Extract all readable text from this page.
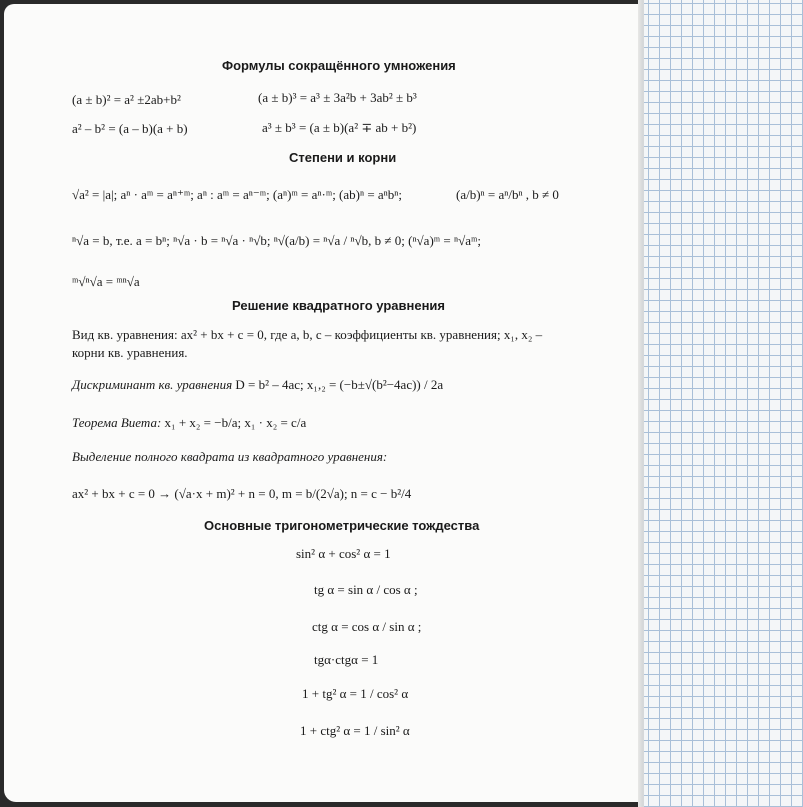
Формулы сокращённого умножения
(a ± b)² = a² ±2ab+b²	(a ± b)³ = a³ ± 3a²b + 3ab² ± b³
a² – b² = (a – b)(a + b)	a³ ± b³ = (a ± b)(a² ∓ ab + b²)
Степени и корни
√a² = |a|; aⁿ · aᵐ = aⁿ⁺ᵐ; aⁿ : aᵐ = aⁿ⁻ᵐ; (aⁿ)ᵐ = aⁿ·ᵐ; (ab)ⁿ = aⁿbⁿ;	(a/b)ⁿ = aⁿ/bⁿ , b ≠ 0
ⁿ√a = b, т.е. a = bⁿ; ⁿ√a · b = ⁿ√a · ⁿ√b; ⁿ√(a/b) = ⁿ√a / ⁿ√b, b ≠ 0; (ⁿ√a)ᵐ = ⁿ√aᵐ;
ᵐ√ⁿ√a = ᵐⁿ√a
Решение квадратного уравнения
Вид кв. уравнения: ax² + bx + c = 0, где a, b, c – коэффициенты кв. уравнения; x₁, x₂ –
корни кв. уравнения.
Дискриминант кв. уравнения D = b² – 4ac; x₁,₂ = (−b±√(b²−4ac)) / 2a
Теорема Виета: x₁ + x₂ = −b/a; x₁ · x₂ = c/a
Выделение полного квадрата из квадратного уравнения:
ax² + bx + c = 0 → (√a·x + m)² + n = 0, m = b/(2√a); n = c − b²/4
Основные тригонометрические тождества
sin² α + cos² α = 1
tg α = sin α / cos α ;
ctg α = cos α / sin α ;
tgα·ctgα = 1
1 + tg² α = 1 / cos² α
1 + ctg² α = 1 / sin² α
